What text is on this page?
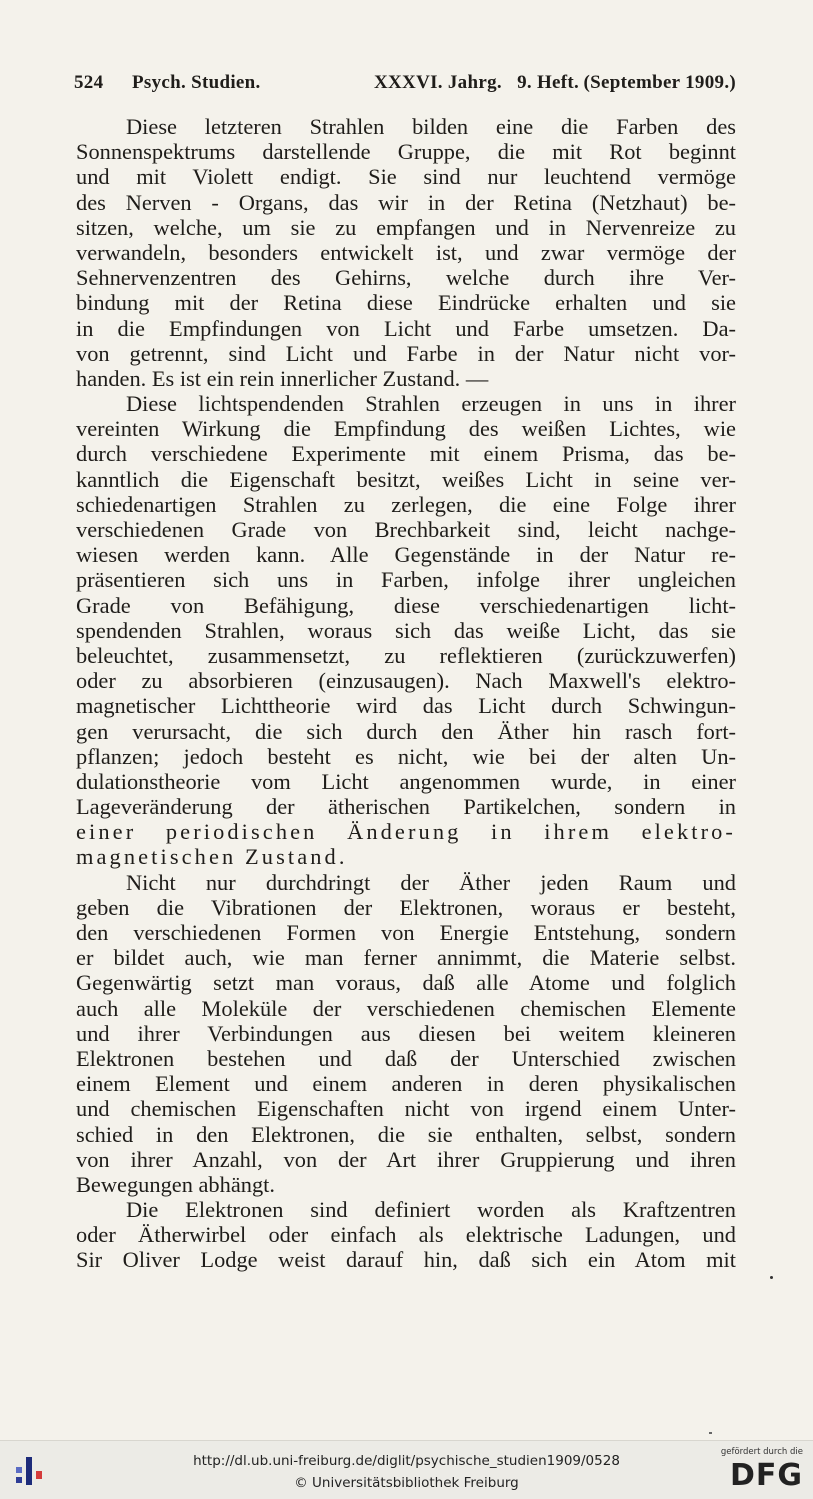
524 Psych. Studien.	XXXVI. Jahrg.   9. Heft. (September 1909.)
Diese letzteren Strahlen bilden eine die Farben des
Sonnenspektrums darstellende Gruppe, die mit Rot beginnt
und mit Violett endigt. Sie sind nur leuchtend vermöge
des Nerven - Organs, das wir in der Retina (Netzhaut) be-
sitzen, welche, um sie zu empfangen und in Nervenreize zu
verwandeln, besonders entwickelt ist, und zwar vermöge der
Sehnervenzentren des Gehirns, welche durch ihre Ver-
bindung mit der Retina diese Eindrücke erhalten und sie
in die Empfindungen von Licht und Farbe umsetzen. Da-
von getrennt, sind Licht und Farbe in der Natur nicht vor-
handen. Es ist ein rein innerlicher Zustand. —
Diese lichtspendenden Strahlen erzeugen in uns in ihrer
vereinten Wirkung die Empfindung des weißen Lichtes, wie
durch verschiedene Experimente mit einem Prisma, das be-
kanntlich die Eigenschaft besitzt, weißes Licht in seine ver-
schiedenartigen Strahlen zu zerlegen, die eine Folge ihrer
verschiedenen Grade von Brechbarkeit sind, leicht nachge-
wiesen werden kann. Alle Gegenstände in der Natur re-
präsentieren sich uns in Farben, infolge ihrer ungleichen
Grade von Befähigung, diese verschiedenartigen licht-
spendenden Strahlen, woraus sich das weiße Licht, das sie
beleuchtet, zusammensetzt, zu reflektieren (zurückzuwerfen)
oder zu absorbieren (einzusaugen). Nach Maxwell's elektro-
magnetischer Lichttheorie wird das Licht durch Schwingun-
gen verursacht, die sich durch den Äther hin rasch fort-
pflanzen; jedoch besteht es nicht, wie bei der alten Un-
dulationstheorie vom Licht angenommen wurde, in einer
Lageveränderung der ätherischen Partikelchen, sondern in
einer periodischen Änderung in ihrem elektro-
magnetischen Zustand.
Nicht nur durchdringt der Äther jeden Raum und
geben die Vibrationen der Elektronen, woraus er besteht,
den verschiedenen Formen von Energie Entstehung, sondern
er bildet auch, wie man ferner annimmt, die Materie selbst.
Gegenwärtig setzt man voraus, daß alle Atome und folglich
auch alle Moleküle der verschiedenen chemischen Elemente
und ihrer Verbindungen aus diesen bei weitem kleineren
Elektronen bestehen und daß der Unterschied zwischen
einem Element und einem anderen in deren physikalischen
und chemischen Eigenschaften nicht von irgend einem Unter-
schied in den Elektronen, die sie enthalten, selbst, sondern
von ihrer Anzahl, von der Art ihrer Gruppierung und ihren
Bewegungen abhängt.
Die Elektronen sind definiert worden als Kraftzentren
oder Ätherwirbel oder einfach als elektrische Ladungen, und
Sir Oliver Lodge weist darauf hin, daß sich ein Atom mit
http://dl.ub.uni-freiburg.de/diglit/psychische_studien1909/0528
© Universitätsbibliothek Freiburg
gefördert durch die
DFG
